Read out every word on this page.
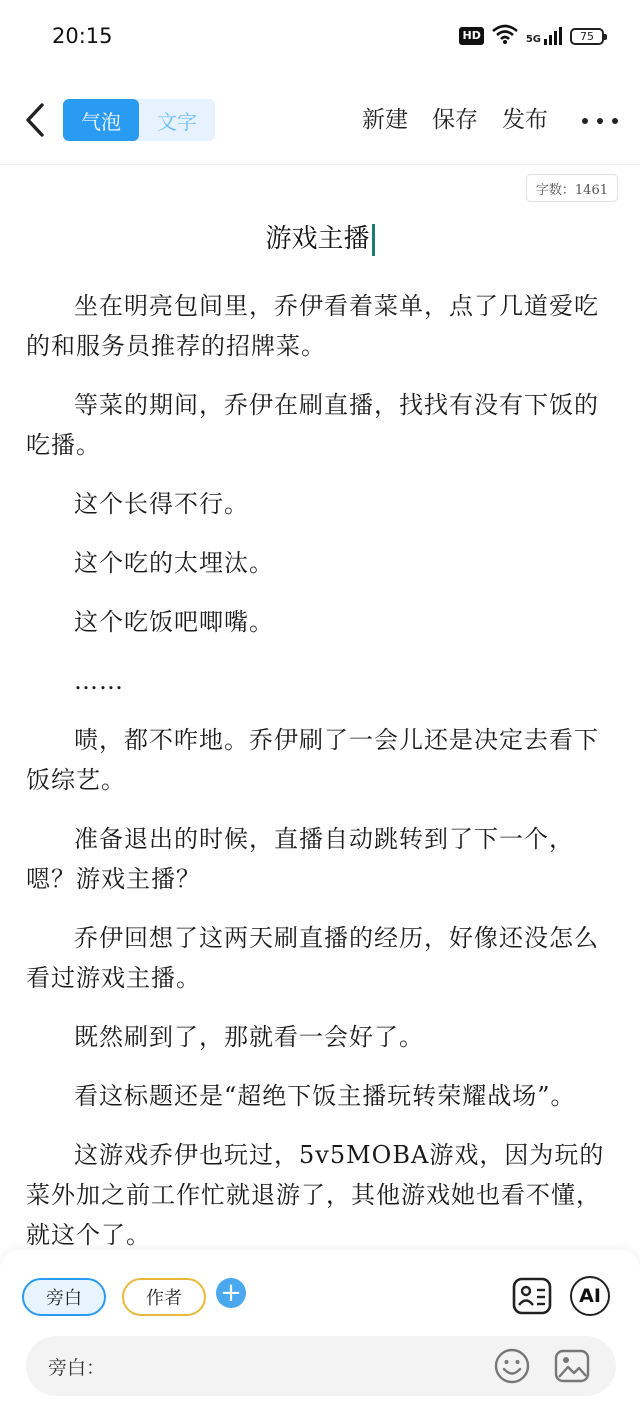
20:15	HD	5G	75
气泡	文字	新建 保存 发布
字数：1461
游戏主播

坐在明亮包间里，乔伊看着菜单，点了几道爱吃的和服务员推荐的招牌菜。

等菜的期间，乔伊在刷直播，找找有没有下饭的吃播。

这个长得不行。

这个吃的太埋汰。

这个吃饭吧唧嘴。

……

啧，都不咋地。乔伊刷了一会儿还是决定去看下饭综艺。

准备退出的时候，直播自动跳转到了下一个，嗯？游戏主播？

乔伊回想了这两天刷直播的经历，好像还没怎么看过游戏主播。

既然刷到了，那就看一会好了。

看这标题还是“超绝下饭主播玩转荣耀战场”。

这游戏乔伊也玩过，5v5MOBA游戏，因为玩的菜外加之前工作忙就退游了，其他游戏她也看不懂，就这个了。

旁白	作者	+	AI
旁白：
